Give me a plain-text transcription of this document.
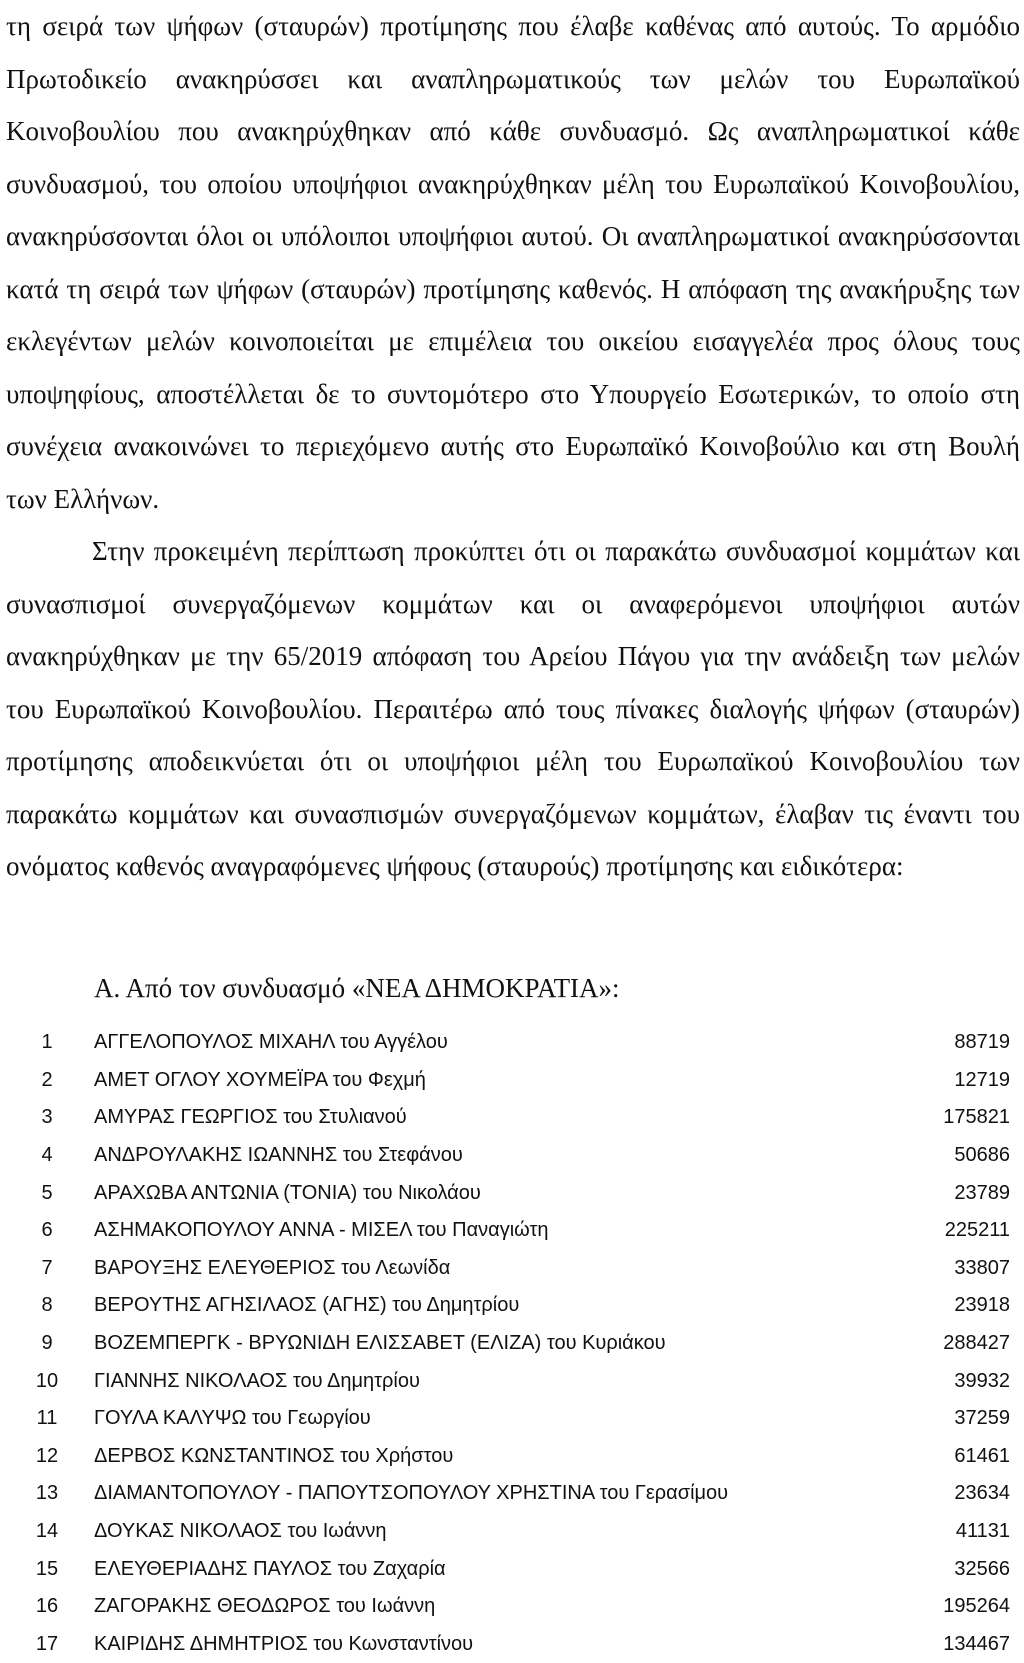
τη σειρά των ψήφων (σταυρών) προτίμησης που έλαβε καθένας από αυτούς. Το αρμόδιο Πρωτοδικείο ανακηρύσσει και αναπληρωματικούς των μελών του Ευρωπαϊκού Κοινοβουλίου που ανακηρύχθηκαν από κάθε συνδυασμό. Ως αναπληρωματικοί κάθε συνδυασμού, του οποίου υποψήφιοι ανακηρύχθηκαν μέλη του Ευρωπαϊκού Κοινοβουλίου, ανακηρύσσονται όλοι οι υπόλοιποι υποψήφιοι αυτού. Οι αναπληρωματικοί ανακηρύσσονται κατά τη σειρά των ψήφων (σταυρών) προτίμησης καθενός. Η απόφαση της ανακήρυξης των εκλεγέντων μελών κοινοποιείται με επιμέλεια του οικείου εισαγγελέα προς όλους τους υποψηφίους, αποστέλλεται δε το συντομότερο στο Υπουργείο Εσωτερικών, το οποίο στη συνέχεια ανακοινώνει το περιεχόμενο αυτής στο Ευρωπαϊκό Κοινοβούλιο και στη Βουλή των Ελλήνων.

Στην προκειμένη περίπτωση προκύπτει ότι οι παρακάτω συνδυασμοί κομμάτων και συνασπισμοί συνεργαζόμενων κομμάτων και οι αναφερόμενοι υποψήφιοι αυτών ανακηρύχθηκαν με την 65/2019 απόφαση του Αρείου Πάγου για την ανάδειξη των μελών του Ευρωπαϊκού Κοινοβουλίου. Περαιτέρω από τους πίνακες διαλογής ψήφων (σταυρών) προτίμησης αποδεικνύεται ότι οι υποψήφιοι μέλη του Ευρωπαϊκού Κοινοβουλίου των παρακάτω κομμάτων και συνασπισμών συνεργαζόμενων κομμάτων, έλαβαν τις έναντι του ονόματος καθενός αναγραφόμενες ψήφους (σταυρούς) προτίμησης και ειδικότερα:

Α. Από τον συνδυασμό «ΝΕΑ ΔΗΜΟΚΡΑΤΙΑ»:
1	ΑΓΓΕΛΟΠΟΥΛΟΣ ΜΙΧΑΗΛ του Αγγέλου	88719
2	ΑΜΕΤ ΟΓΛΟΥ ΧΟΥΜΕΪΡΑ του Φεχμή	12719
3	ΑΜΥΡΑΣ ΓΕΩΡΓΙΟΣ του Στυλιανού	175821
4	ΑΝΔΡΟΥΛΑΚΗΣ ΙΩΑΝΝΗΣ του Στεφάνου	50686
5	ΑΡΑΧΩΒΑ ΑΝΤΩΝΙΑ (ΤΟΝΙΑ) του Νικολάου	23789
6	ΑΣΗΜΑΚΟΠΟΥΛΟΥ ΑΝΝΑ - ΜΙΣΕΛ του Παναγιώτη	225211
7	ΒΑΡΟΥΞΗΣ ΕΛΕΥΘΕΡΙΟΣ του Λεωνίδα	33807
8	ΒΕΡΟΥΤΗΣ ΑΓΗΣΙΛΑΟΣ (ΑΓΗΣ) του Δημητρίου	23918
9	ΒΟΖΕΜΠΕΡΓΚ - ΒΡΥΩΝΙΔΗ ΕΛΙΣΣΑΒΕΤ (ΕΛΙΖΑ) του Κυριάκου	288427
10	ΓΙΑΝΝΗΣ ΝΙΚΟΛΑΟΣ του Δημητρίου	39932
11	ΓΟΥΛΑ ΚΑΛΥΨΩ του Γεωργίου	37259
12	ΔΕΡΒΟΣ ΚΩΝΣΤΑΝΤΙΝΟΣ του Χρήστου	61461
13	ΔΙΑΜΑΝΤΟΠΟΥΛΟΥ - ΠΑΠΟΥΤΣΟΠΟΥΛΟΥ ΧΡΗΣΤΙΝΑ του Γερασίμου	23634
14	ΔΟΥΚΑΣ ΝΙΚΟΛΑΟΣ του Ιωάννη	41131
15	ΕΛΕΥΘΕΡΙΑΔΗΣ ΠΑΥΛΟΣ του Ζαχαρία	32566
16	ΖΑΓΟΡΑΚΗΣ ΘΕΟΔΩΡΟΣ του Ιωάννη	195264
17	ΚΑΙΡΙΔΗΣ ΔΗΜΗΤΡΙΟΣ του Κωνσταντίνου	134467
